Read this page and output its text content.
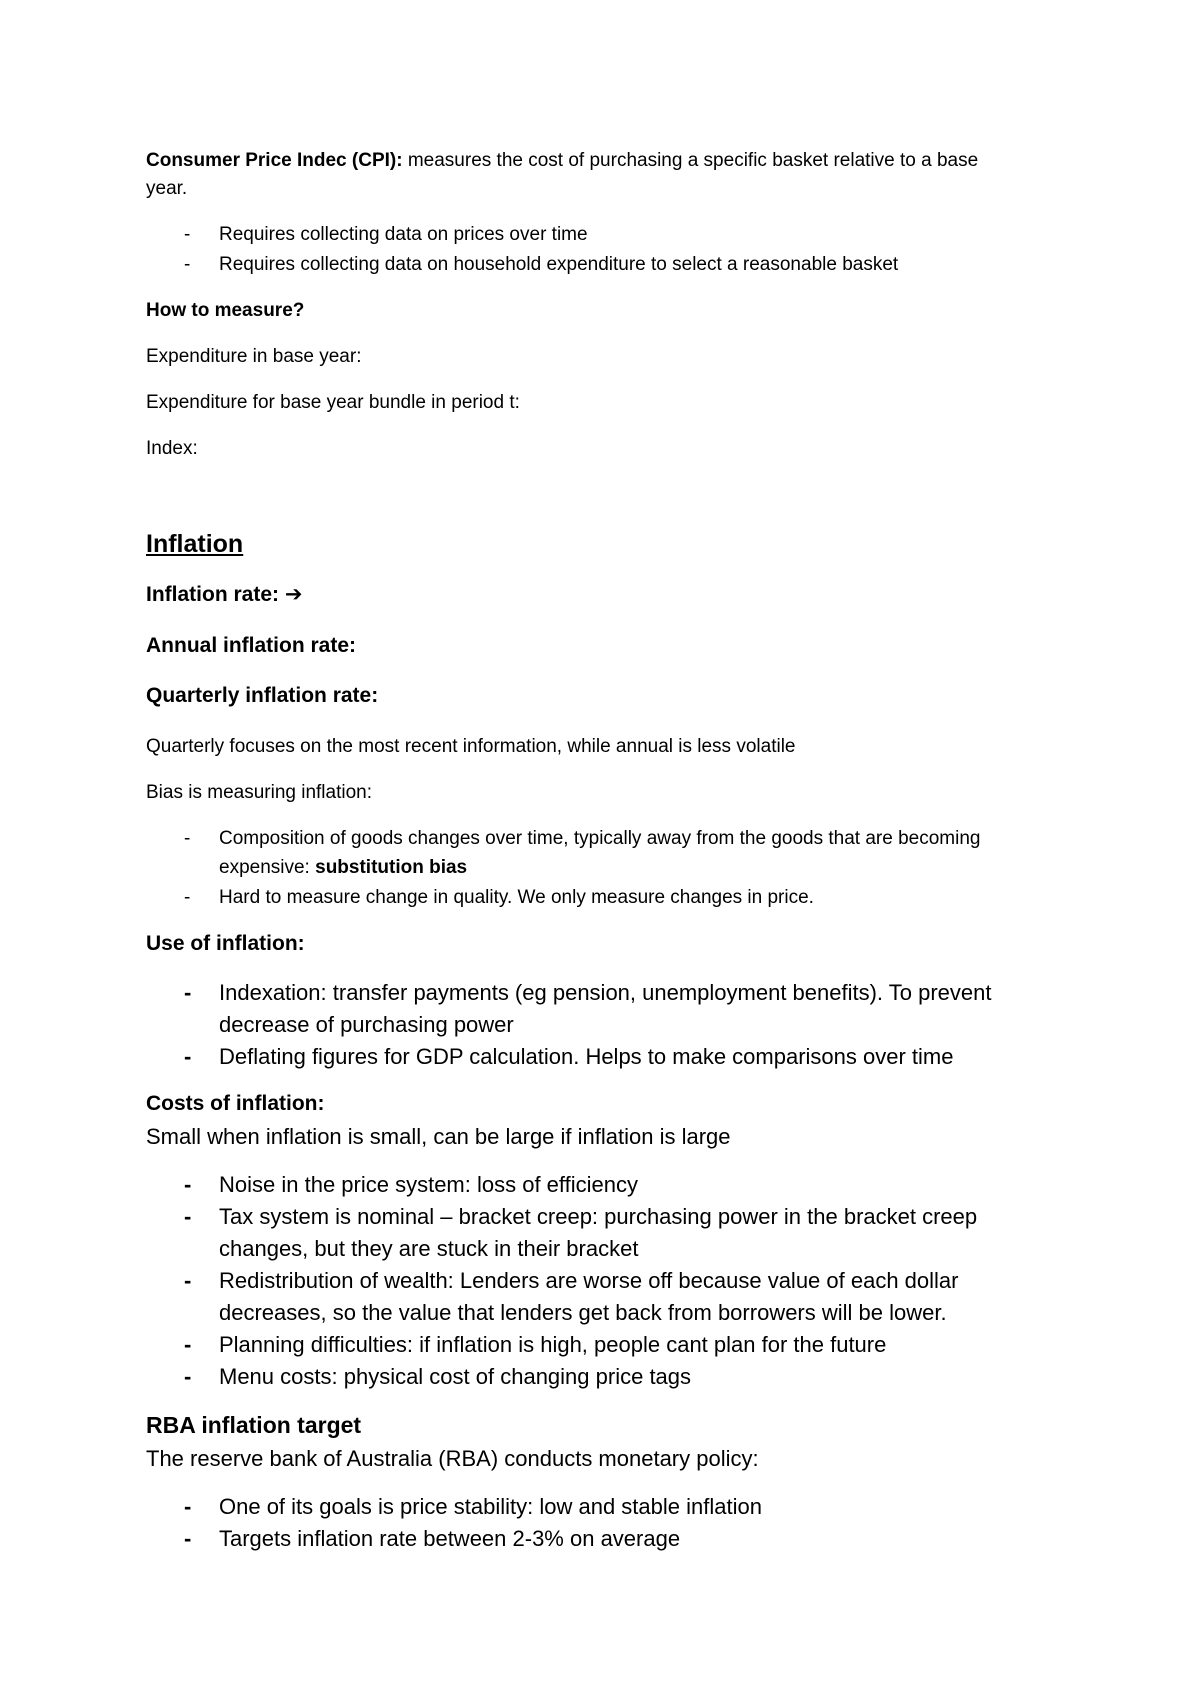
Consumer Price Indec (CPI): measures the cost of purchasing a specific basket relative to a base

year.

- Requires collecting data on prices over time

- Requires collecting data on household expenditure to select a reasonable basket

How to measure?

Expenditure in base year:

Expenditure for base year bundle in period t:

Index:

Inflation

Inflation rate: ➔

Annual inflation rate:

Quarterly inflation rate:

Quarterly focuses on the most recent information, while annual is less volatile

Bias is measuring inflation:

- Composition of goods changes over time, typically away from the goods that are becoming

expensive: substitution bias

- Hard to measure change in quality. We only measure changes in price.

Use of inflation:

- Indexation: transfer payments (eg pension, unemployment benefits). To prevent

decrease of purchasing power

- Deflating figures for GDP calculation. Helps to make comparisons over time

Costs of inflation:

Small when inflation is small, can be large if inflation is large

- Noise in the price system: loss of efficiency

- Tax system is nominal – bracket creep: purchasing power in the bracket creep

changes, but they are stuck in their bracket

- Redistribution of wealth: Lenders are worse off because value of each dollar

decreases, so the value that lenders get back from borrowers will be lower.

- Planning difficulties: if inflation is high, people cant plan for the future

- Menu costs: physical cost of changing price tags

RBA inflation target

The reserve bank of Australia (RBA) conducts monetary policy:

- One of its goals is price stability: low and stable inflation

- Targets inflation rate between 2-3% on average
